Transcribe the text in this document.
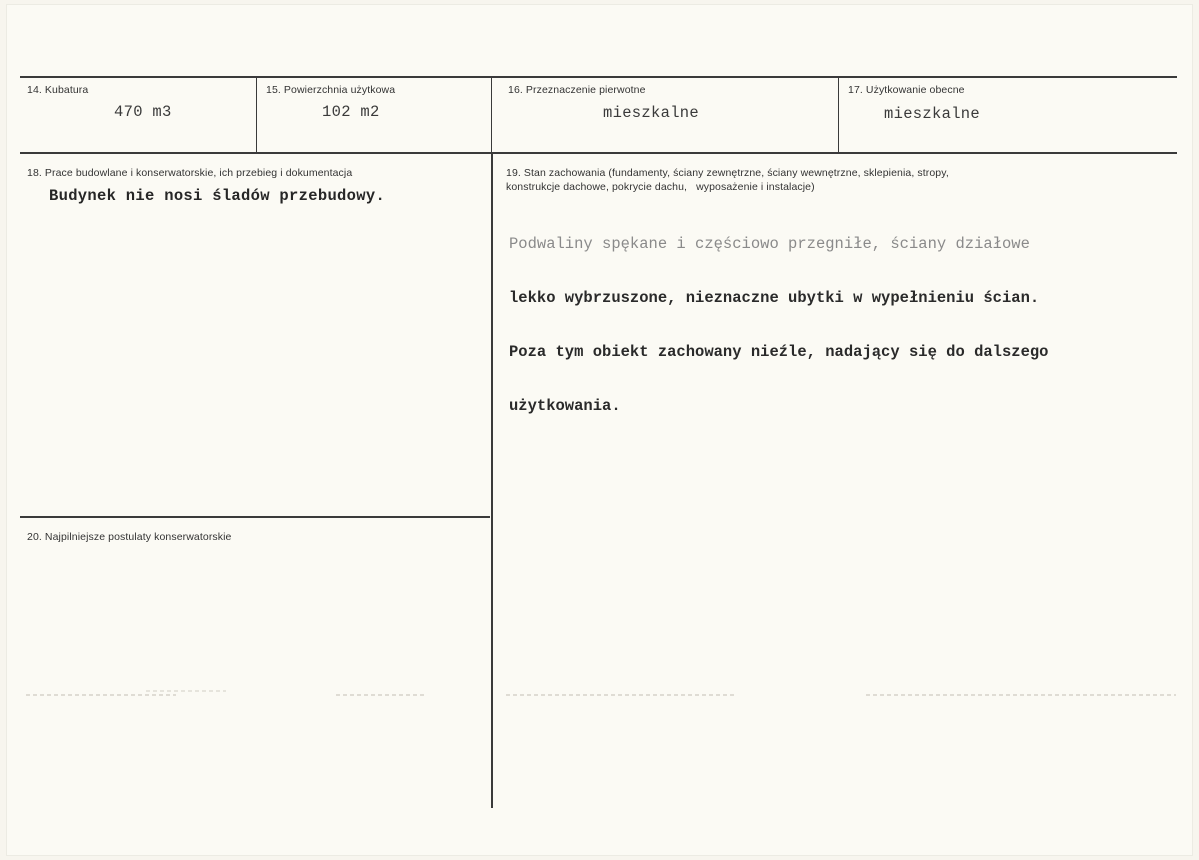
14. Kubatura
470 m3
15. Powierzchnia użytkowa
102 m2
16. Przeznaczenie pierwotne
mieszkalne
17. Użytkowanie obecne
mieszkalne
18. Prace budowlane i konserwatorskie, ich przebieg i dokumentacja
Budynek nie nosi śladów przebudowy.
19. Stan zachowania (fundamenty, ściany zewnętrzne, ściany wewnętrzne, sklepienia, stropy,
konstrukcje dachowe, pokrycie dachu,   wyposażenie i instalacje)

Podwaliny spękane i częściowo przegniłe, ściany działowe

lekko wybrzuszone, nieznaczne ubytki w wypełnieniu ścian.

Poza tym obiekt zachowany nieźle, nadający się do dalszego

użytkowania.

20. Najpilniejsze postulaty konserwatorskie
